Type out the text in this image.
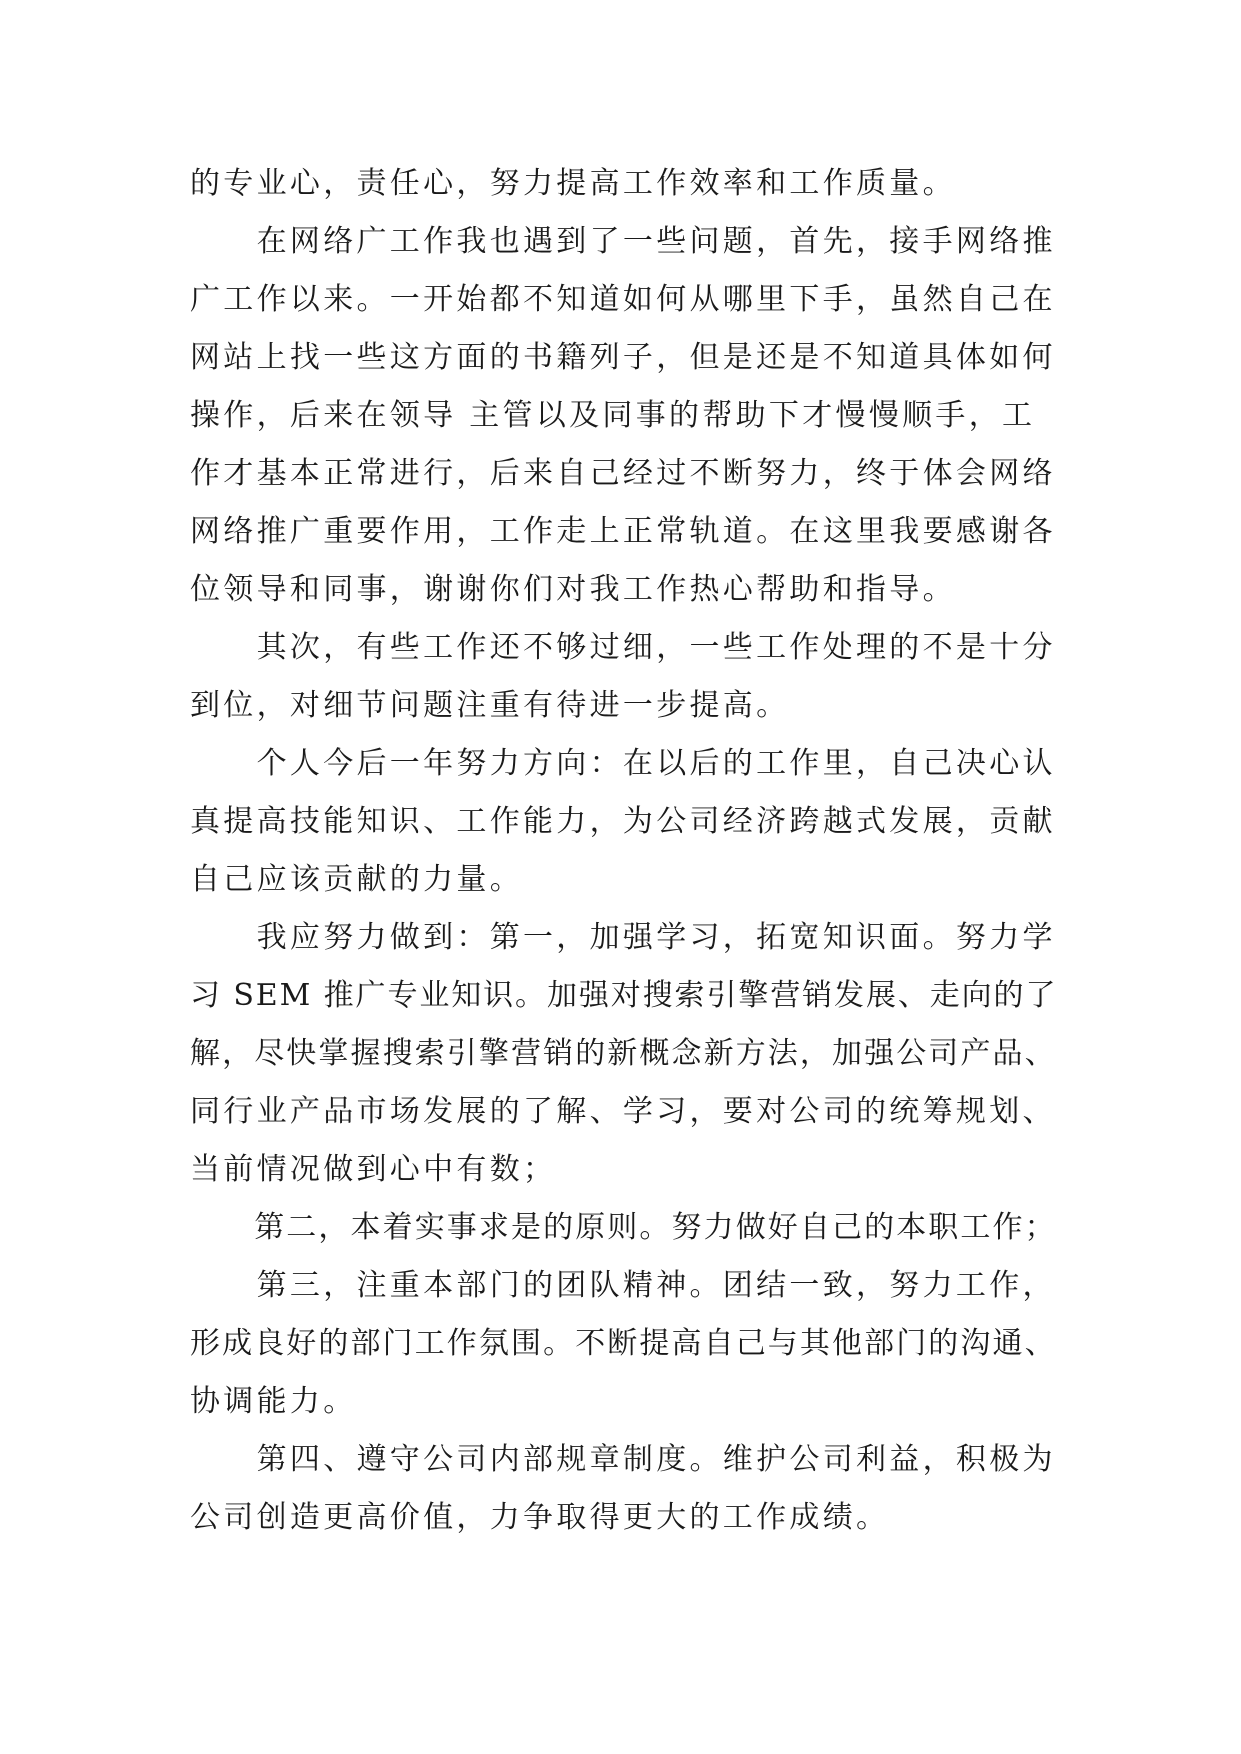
的专业心，责任心，努力提高工作效率和工作质量。
　　在网络广工作我也遇到了一些问题，首先，接手网络推
广工作以来。一开始都不知道如何从哪里下手，虽然自己在
网站上找一些这方面的书籍列子，但是还是不知道具体如何
操作，后来在领导 主管以及同事的帮助下才慢慢顺手，工
作才基本正常进行，后来自己经过不断努力，终于体会网络
网络推广重要作用，工作走上正常轨道。在这里我要感谢各
位领导和同事，谢谢你们对我工作热心帮助和指导。
　　其次，有些工作还不够过细，一些工作处理的不是十分
到位，对细节问题注重有待进一步提高。
　　个人今后一年努力方向：在以后的工作里，自己决心认
真提高技能知识、工作能力，为公司经济跨越式发展，贡献
自己应该贡献的力量。
　　我应努力做到：第一，加强学习，拓宽知识面。努力学
习 SEM 推广专业知识。加强对搜索引擎营销发展、走向的了
解，尽快掌握搜索引擎营销的新概念新方法，加强公司产品、
同行业产品市场发展的了解、学习，要对公司的统筹规划、
当前情况做到心中有数；
　　第二，本着实事求是的原则。努力做好自己的本职工作；
　　第三，注重本部门的团队精神。团结一致，努力工作，
形成良好的部门工作氛围。不断提高自己与其他部门的沟通、
协调能力。
　　第四、遵守公司内部规章制度。维护公司利益，积极为
公司创造更高价值，力争取得更大的工作成绩。
